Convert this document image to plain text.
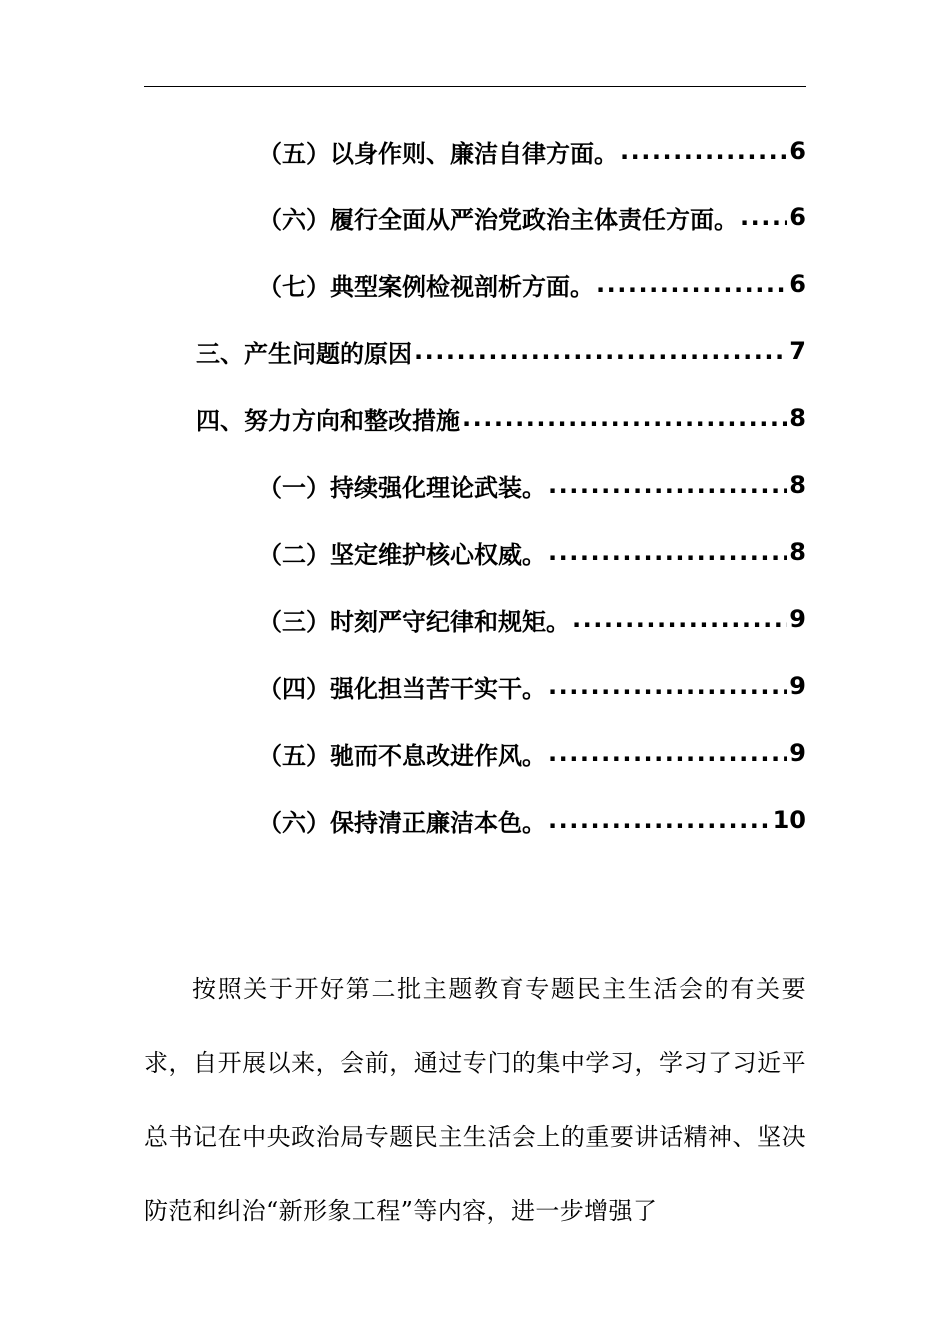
（五）以身作则、廉洁自律方面。 .....	6
（六）履行全面从严治党政治主体责任方面。 ..... 6
（七）典型案例检视剖析方面。 .....	6
三、产生问题的原因 .....	7
四、努力方向和整改措施 .....	8
（一）持续强化理论武装。 .....	8
（二）坚定维护核心权威。 .....	8
（三）时刻严守纪律和规矩。 .....	9
（四）强化担当苦干实干。 .....	9
（五）驰而不息改进作风。 .....	9
（六）保持清正廉洁本色。 .....	10

按照关于开好第二批主题教育专题民主生活会的有关要求，自开展以来，会前，通过专门的集中学习，学习了习近平总书记在中央政治局专题民主生活会上的重要讲话精神、坚决防范和纠治“新形象工程”等内容，进一步增强了
